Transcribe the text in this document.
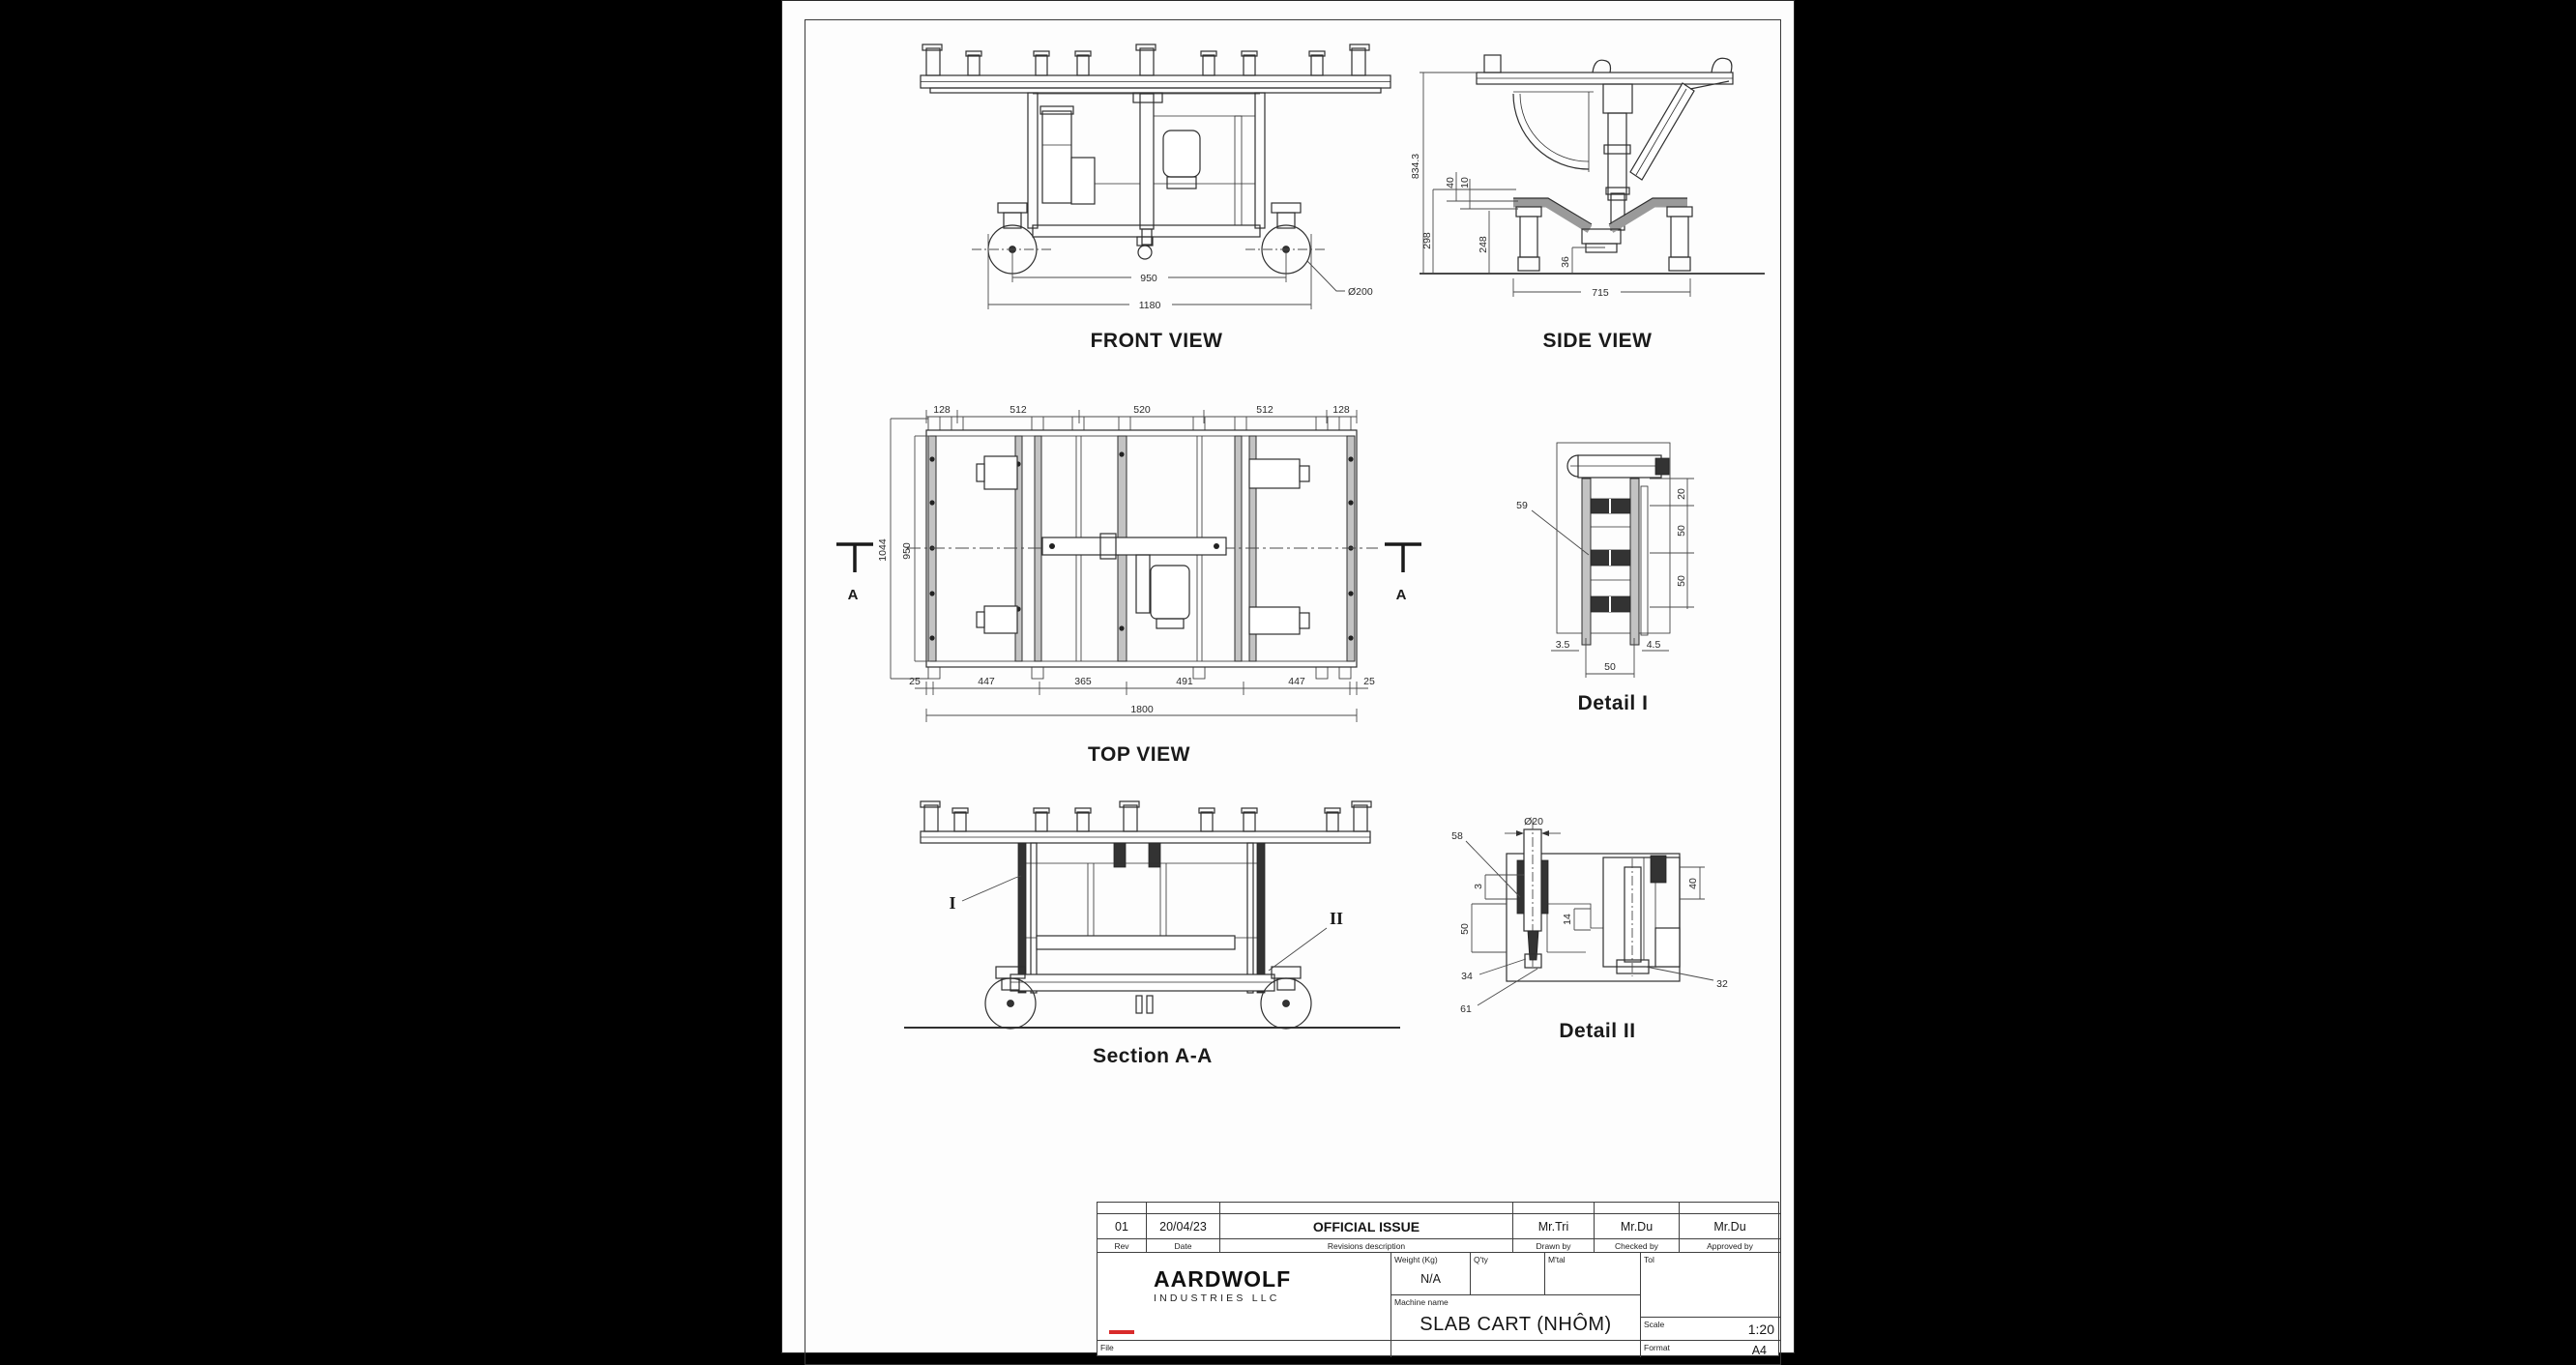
950
1180
Ø200
FRONT VIEW
834.3
40 10
298	248
36
715
SIDE VIEW
128	512	520	512	128
25	447	365	491	447	25
1800
1044 950
A	A
TOP VIEW
I
II
Section A-A
59
20
50
50
3.5	4.5
50
Detail I
58
Ø20
3
50
14
40
34
61
32
Detail II
01	20/04/23	OFFICIAL ISSUE	Mr.Tri	Mr.Du	Mr.Du
Rev	Date	Revisions description	Drawn by	Checked by	Approved by
AARDWOLF
INDUSTRIES LLC
Weight (Kg)
N/A
Q'ty	M'tal	Tol
Machine name
SLAB CART (NHÔM)	Scale	1:20
File	Format	A4
